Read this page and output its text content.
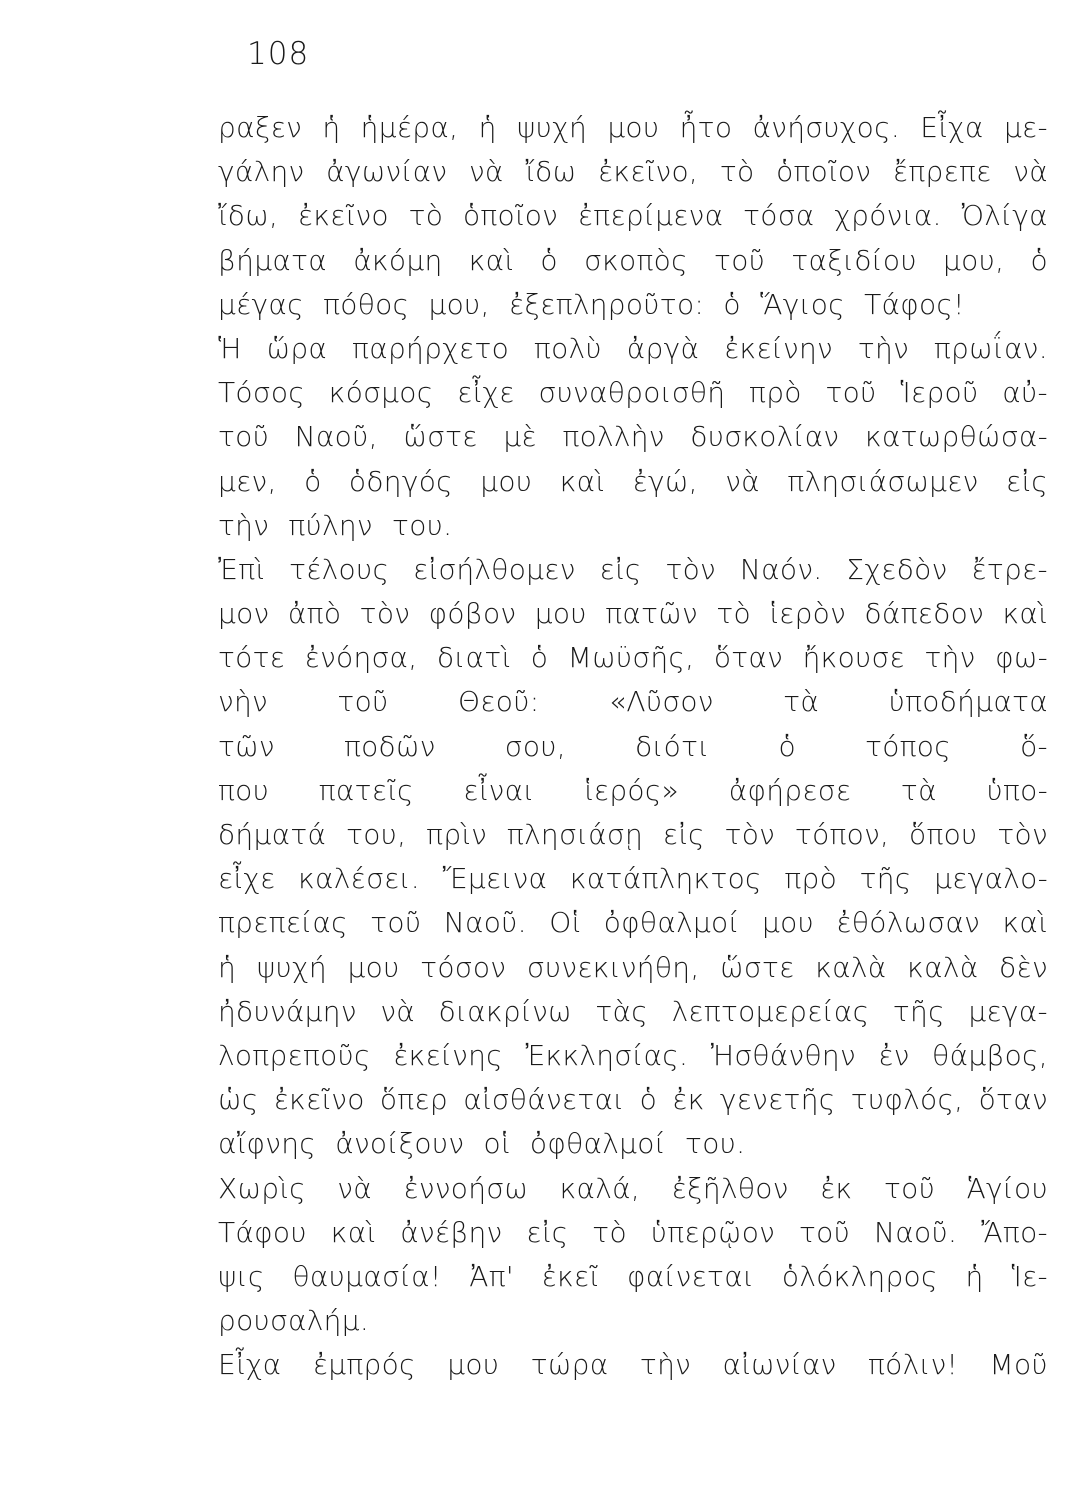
108
ραξεν ἡ ἡμέρα, ἡ ψυχή μου ἦτο ἀνήσυχος. Εἶχα με-
γάλην ἀγωνίαν νὰ ἴδω ἐκεῖνο, τὸ ὁποῖον ἔπρεπε νὰ
ἴδω, ἐκεῖνο τὸ ὁποῖον ἐπερίμενα τόσα χρόνια. Ὀλίγα
βήματα ἀκόμη καὶ ὁ σκοπὸς τοῦ ταξιδίου μου, ὁ
μέγας πόθος μου, ἐξεπληροῦτο: ὁ Ἅγιος Τάφος!
Ἡ ὥρα παρήρχετο πολὺ ἀργὰ ἐκείνην τὴν πρωΐαν.
Τόσος κόσμος εἶχε συναθροισθῆ πρὸ τοῦ Ἱεροῦ αὐ-
τοῦ Ναοῦ, ὥστε μὲ πολλὴν δυσκολίαν κατωρθώσα-
μεν, ὁ ὁδηγός μου καὶ ἐγώ, νὰ πλησιάσωμεν εἰς
τὴν πύλην του.
Ἐπὶ τέλους εἰσήλθομεν εἰς τὸν Ναόν. Σχεδὸν ἔτρε-
μον ἀπὸ τὸν φόβον μου πατῶν τὸ ἱερὸν δάπεδον καὶ
τότε ἐνόησα, διατὶ ὁ Μωϋσῆς, ὅταν ἤκουσε τὴν φω-
νὴν τοῦ Θεοῦ: «Λῦσον τὰ ὑποδήματα
τῶν ποδῶν σου, διότι ὁ τόπος ὅ-
που πατεῖς εἶναι ἱερός» ἀφήρεσε τὰ ὑπο-
δήματά του, πρὶν πλησιάσῃ εἰς τὸν τόπον, ὅπου τὸν
εἶχε καλέσει. Ἔμεινα κατάπληκτος πρὸ τῆς μεγαλο-
πρεπείας τοῦ Ναοῦ. Οἱ ὀφθαλμοί μου ἐθόλωσαν καὶ
ἡ ψυχή μου τόσον συνεκινήθη, ὥστε καλὰ καλὰ δὲν
ἠδυνάμην νὰ διακρίνω τὰς λεπτομερείας τῆς μεγα-
λοπρεποῦς ἐκείνης Ἐκκλησίας. Ἠσθάνθην ἐν θάμβος,
ὡς ἐκεῖνο ὅπερ αἰσθάνεται ὁ ἐκ γενετῆς τυφλός, ὅταν
αἴφνης ἀνοίξουν οἱ ὀφθαλμοί του.
Χωρὶς νὰ ἐννοήσω καλά, ἐξῆλθον ἐκ τοῦ Ἁγίου
Τάφου καὶ ἀνέβην εἰς τὸ ὑπερῷον τοῦ Ναοῦ. Ἄπο-
ψις θαυμασία! Ἀπ' ἐκεῖ φαίνεται ὁλόκληρος ἡ Ἱε-
ρουσαλήμ.
Εἶχα ἐμπρός μου τώρα τὴν αἰωνίαν πόλιν! Μοῦ
